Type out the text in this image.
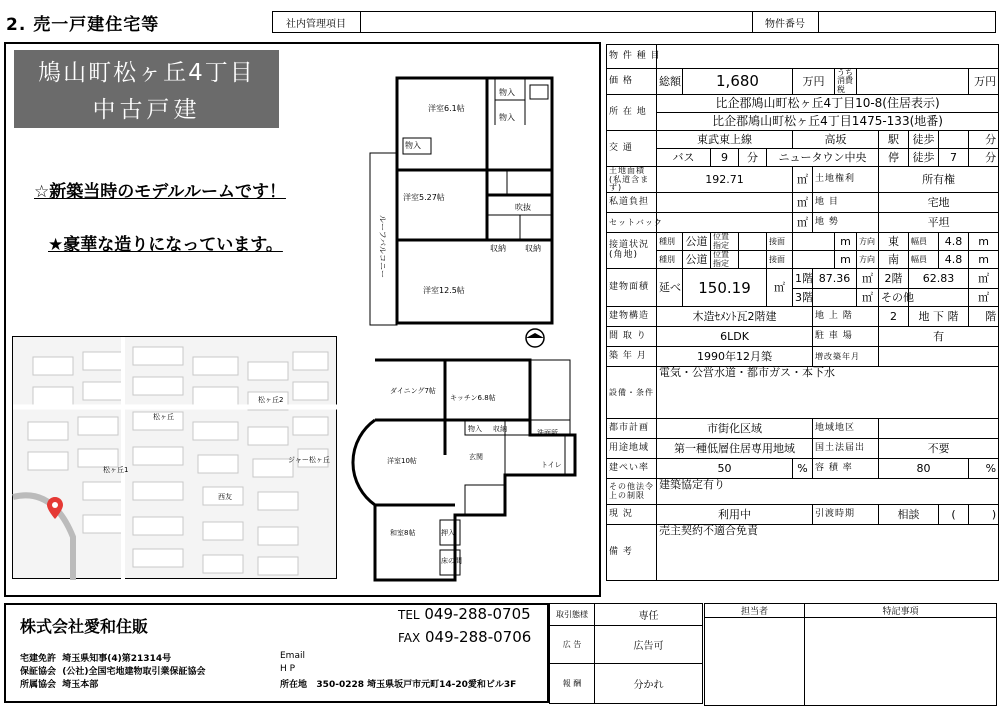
2. 売一戸建住宅等	社内管理項目	物件番号
鳩山町松ヶ丘4丁目
中古戸建
☆新築当時のモデルルームです！
★豪華な造りになっています。
洋室6.1帖
物入
物入
物入
洋室5.27帖
吹抜
収納 収納
洋室12.5帖
ルーフバルコニー
松ヶ丘
松ヶ丘2
松ヶ丘1
ジャー松ヶ丘
西友
ダイニング7帖
キッチン6.8帖
物入 収納	洗面所
トイレ
玄関
洋室10帖
和室8帖	押入
床の間
物 件 種 目													
価 格	総額	1,680				万円		うち消費税					万円
所 在 地	比企郡鳩山町松ヶ丘4丁目10-8(住居表示)												
	比企郡鳩山町松ヶ丘4丁目1475-133(地番)												
交 通	東武東上線					高坂				駅	徒歩		分
	バス		9	分	ニュータウン中央					停	徒歩	7	分
土地面積
(私道含まず)	192.71					㎡	土地権利			所有権			
私道負担						㎡	地 目			宅地			
セットバック						㎡	地 勢			平坦			
接道状況
(角地)	種別	公道	位置指定		接面			m	方向	東	幅員	4.8	m
	種別	公道	位置指定		接面			m	方向	南	幅員	4.8	m
建物面積	延べ	150.19			㎡	1階	87.36		㎡	2階	62.83		㎡
						3階			㎡	その他			㎡
建物構造	木造ｾﾒﾝﾄ瓦2階建						地 上 階			2	地 下 階		階
間 取 り	6LDK						駐 車 場			有			
築 年 月	1990年12月築						増改築年月						
設備・条件	電気・公営水道・都市ガス・本下水												
都市計画	市街化区域						地域地区						
用途地域	第一種低層住居専用地域						国土法届出			不要			
建ぺい率	50					%	容 積 率			80			%
その他法令上の制限	建築協定有り												
現 況	利用中						引渡時期			相談		(	)
備 考	売主契約不適合免責												
株式会社愛和住販
TEL 049-288-0705
FAX 049-288-0706
宅建免許 埼玉県知事(4)第21314号
保証協会 (公社)全国宅地建物取引業保証協会
所属協会 埼玉本部
Email
H P
所在地 350-0228 埼玉県坂戸市元町14-20愛和ビル3F
取引態様	専任
広 告	広告可
報 酬	分かれ
担当者	特記事項
